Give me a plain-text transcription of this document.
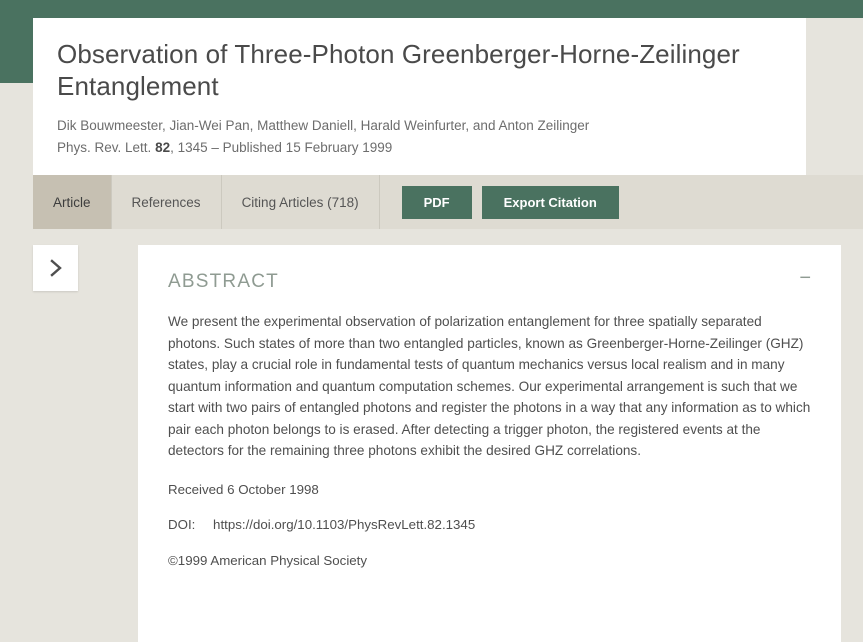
Observation of Three-Photon Greenberger-Horne-Zeilinger Entanglement
Dik Bouwmeester, Jian-Wei Pan, Matthew Daniell, Harald Weinfurter, and Anton Zeilinger
Phys. Rev. Lett. 82, 1345 – Published 15 February 1999
Article	References	Citing Articles (718)	PDF	Export Citation
ABSTRACT	−
We present the experimental observation of polarization entanglement for three spatially separated photons. Such states of more than two entangled particles, known as Greenberger-Horne-Zeilinger (GHZ) states, play a crucial role in fundamental tests of quantum mechanics versus local realism and in many quantum information and quantum computation schemes. Our experimental arrangement is such that we start with two pairs of entangled photons and register the photons in a way that any information as to which pair each photon belongs to is erased. After detecting a trigger photon, the registered events at the detectors for the remaining three photons exhibit the desired GHZ correlations.
Received 6 October 1998
DOI: https://doi.org/10.1103/PhysRevLett.82.1345
©1999 American Physical Society
